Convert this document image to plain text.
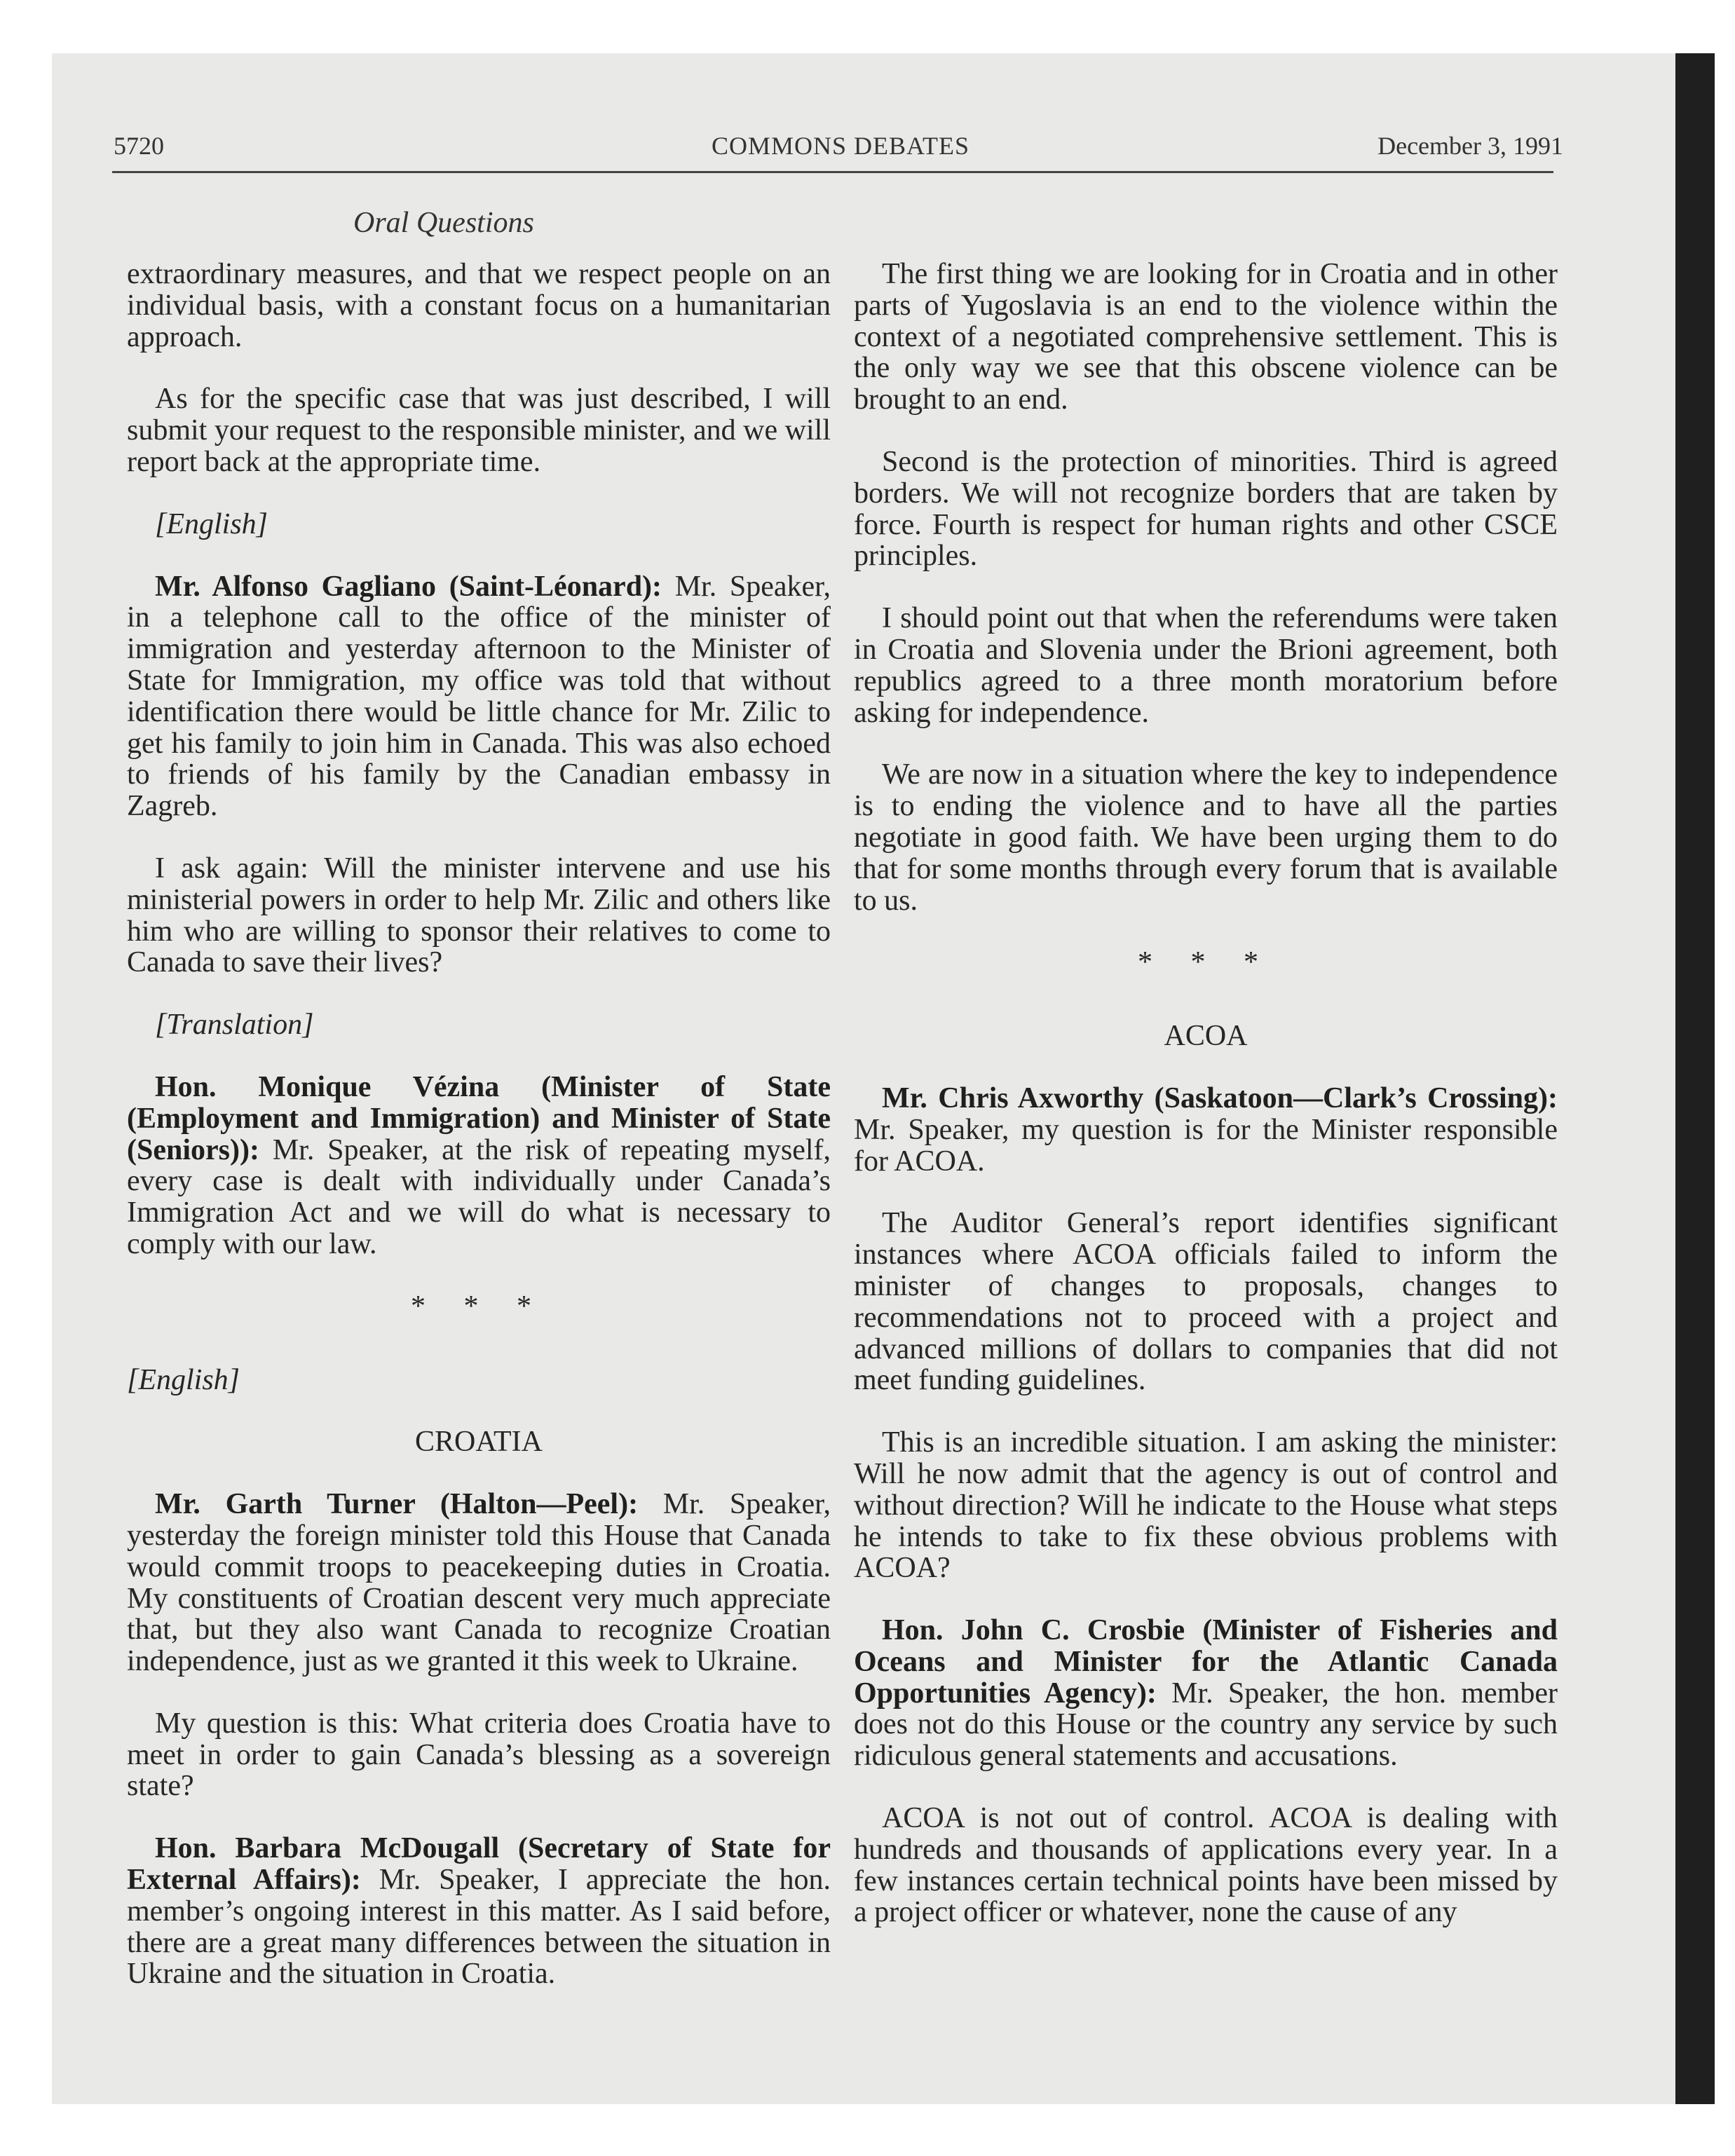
5720	COMMONS DEBATES	December 3, 1991
Oral Questions

extraordinary measures, and that we respect people on an individual basis, with a constant focus on a humanitarian approach.

As for the specific case that was just described, I will submit your request to the responsible minister, and we will report back at the appropriate time.

[English]

Mr. Alfonso Gagliano (Saint-Léonard): Mr. Speaker, in a telephone call to the office of the minister of immigration and yesterday afternoon to the Minister of State for Immigration, my office was told that without identification there would be little chance for Mr. Zilic to get his family to join him in Canada. This was also echoed to friends of his family by the Canadian embassy in Zagreb.

I ask again: Will the minister intervene and use his ministerial powers in order to help Mr. Zilic and others like him who are willing to sponsor their relatives to come to Canada to save their lives?

[Translation]

Hon. Monique Vézina (Minister of State (Employment and Immigration) and Minister of State (Seniors)): Mr. Speaker, at the risk of repeating myself, every case is dealt with individually under Canada’s Immigration Act and we will do what is necessary to comply with our law.

* * *

[English]

CROATIA

Mr. Garth Turner (Halton—Peel): Mr. Speaker, yesterday the foreign minister told this House that Canada would commit troops to peacekeeping duties in Croatia. My constituents of Croatian descent very much appreciate that, but they also want Canada to recognize Croatian independence, just as we granted it this week to Ukraine.

My question is this: What criteria does Croatia have to meet in order to gain Canada’s blessing as a sovereign state?

Hon. Barbara McDougall (Secretary of State for External Affairs): Mr. Speaker, I appreciate the hon. member’s ongoing interest in this matter. As I said before, there are a great many differences between the situation in Ukraine and the situation in Croatia.

The first thing we are looking for in Croatia and in other parts of Yugoslavia is an end to the violence within the context of a negotiated comprehensive settlement. This is the only way we see that this obscene violence can be brought to an end.

Second is the protection of minorities. Third is agreed borders. We will not recognize borders that are taken by force. Fourth is respect for human rights and other CSCE principles.

I should point out that when the referendums were taken in Croatia and Slovenia under the Brioni agreement, both republics agreed to a three month moratorium before asking for independence.

We are now in a situation where the key to independence is to ending the violence and to have all the parties negotiate in good faith. We have been urging them to do that for some months through every forum that is available to us.

* * *

ACOA

Mr. Chris Axworthy (Saskatoon—Clark’s Crossing): Mr. Speaker, my question is for the Minister responsible for ACOA.

The Auditor General’s report identifies significant instances where ACOA officials failed to inform the minister of changes to proposals, changes to recommendations not to proceed with a project and advanced millions of dollars to companies that did not meet funding guidelines.

This is an incredible situation. I am asking the minister: Will he now admit that the agency is out of control and without direction? Will he indicate to the House what steps he intends to take to fix these obvious problems with ACOA?

Hon. John C. Crosbie (Minister of Fisheries and Oceans and Minister for the Atlantic Canada Opportunities Agency): Mr. Speaker, the hon. member does not do this House or the country any service by such ridiculous general statements and accusations.

ACOA is not out of control. ACOA is dealing with hundreds and thousands of applications every year. In a few instances certain technical points have been missed by a project officer or whatever, none the cause of any
